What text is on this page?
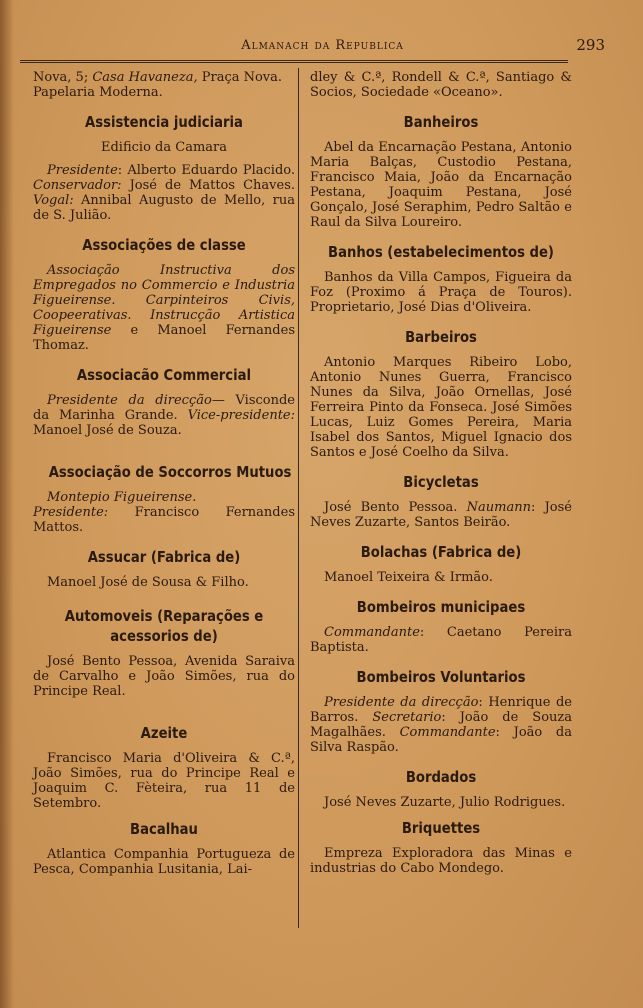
Almanach da Republica	293

Nova, 5; Casa Havaneza, Praça Nova.
Papelaria Moderna.

Assistencia judiciaria

Edificio da Camara

Presidente: Alberto Eduardo Placido. Conservador: José de Mattos Chaves. Vogal: Annibal Augusto de Mello, rua de S. Julião.

Associações de classe

Associação Instructiva dos Empregados no Commercio e Industria Figueirense. Carpinteiros Civis, Coopeerativas. Instrucção Artistica Figueirense e Manoel Fernandes Thomaz.

Associacão Commercial

Presidente da direcção— Visconde da Marinha Grande. Vice-presidente: Manoel José de Souza.

Associação de Soccorros Mutuos

Montepio Figueirense.
Presidente: Francisco Fernandes Mattos.

Assucar (Fabrica de)

Manoel José de Sousa & Filho.

Automoveis (Reparações e acessorios de)

José Bento Pessoa, Avenida Saraiva de Carvalho e João Simões, rua do Principe Real.

Azeite

Francisco Maria d'Oliveira & C.ª, João Simões, rua do Principe Real e Joaquim C. Fèteira, rua 11 de Setembro.

Bacalhau

Atlantica Companhia Portugueza de Pesca, Companhia Lusitania, Lai-

dley & C.ª, Rondell & C.ª, Santiago & Socios, Sociedade «Oceano».

Banheiros

Abel da Encarnação Pestana, Antonio Maria Balças, Custodio Pestana, Francisco Maia, João da Encarnação Pestana, Joaquim Pestana, José Gonçalo, José Seraphim, Pedro Saltão e Raul da Silva Loureiro.

Banhos (estabelecimentos de)

Banhos da Villa Campos, Figueira da Foz (Proximo á Praça de Touros). Proprietario, José Dias d'Oliveira.

Barbeiros

Antonio Marques Ribeiro Lobo, Antonio Nunes Guerra, Francisco Nunes da Silva, João Ornellas, José Ferreira Pinto da Fonseca. José Simões Lucas, Luiz Gomes Pereira, Maria Isabel dos Santos, Miguel Ignacio dos Santos e José Coelho da Silva.

Bicycletas

José Bento Pessoa. Naumann: José Neves Zuzarte, Santos Beirão.

Bolachas (Fabrica de)

Manoel Teixeira & Irmão.

Bombeiros municipaes

Commandante: Caetano Pereira Baptista.

Bombeiros Voluntarios

Presidente da direcção: Henrique de Barros. Secretario: João de Souza Magalhães. Commandante: João da Silva Raspão.

Bordados

José Neves Zuzarte, Julio Rodrigues.

Briquettes

Empreza Exploradora das Minas e industrias do Cabo Mondego.
